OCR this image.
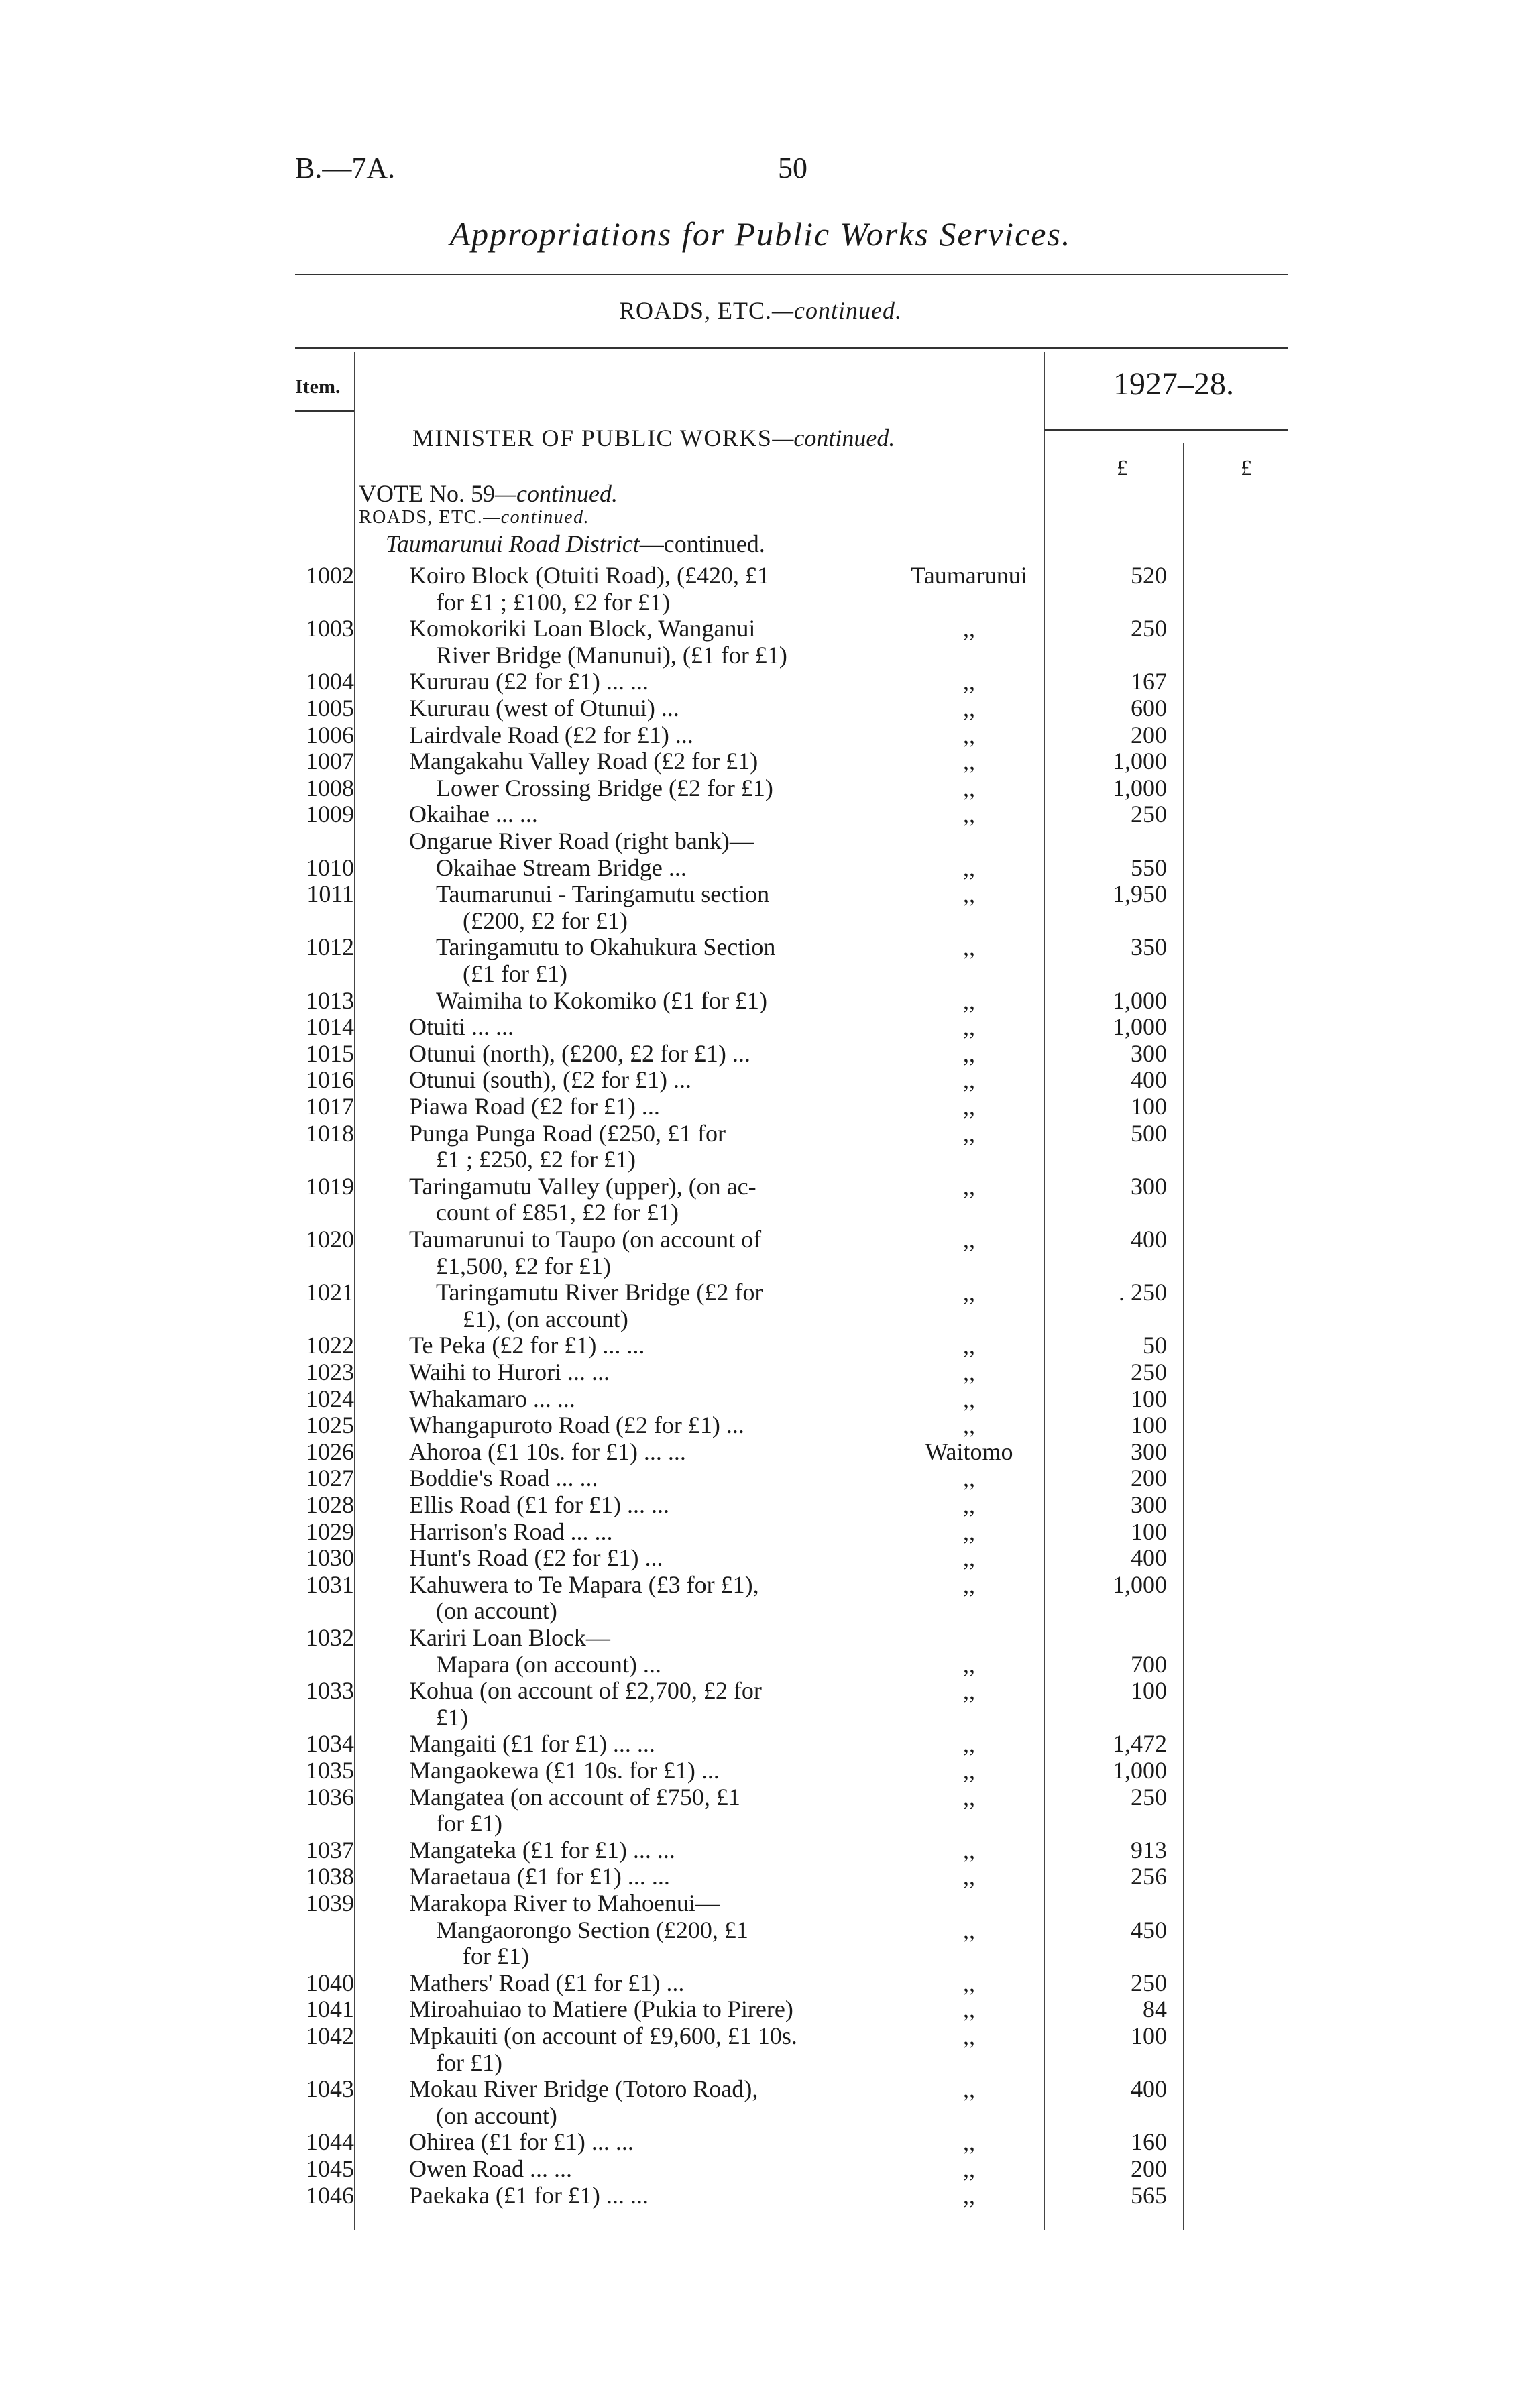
B.—7A.	50
Appropriations for Public Works Services.
ROADS, ETC.—continued.
Item.	1927–28.
MINISTER OF PUBLIC WORKS—continued.
£	£
VOTE No. 59—continued.
ROADS, ETC.—continued.
Taumarunui Road District—continued.
1002 Koiro Block (Otuiti Road), (£420, £1
for £1 ; £100, £2 for £1)
Taumarunui	520
1003 Komokoriki Loan Block, Wanganui
River Bridge (Manunui), (£1 for £1)
,,	250
1004 Kururau (£2 for £1) ... ...	,,	167
1005 Kururau (west of Otunui) ...	,,	600
1006 Lairdvale Road (£2 for £1) ...	,,	200
1007 Mangakahu Valley Road (£2 for £1)	,,	1,000
1008	Lower Crossing Bridge (£2 for £1)	,,	1,000
1009 Okaihae ... ...	,,	250
Ongarue River Road (right bank)—
1010	Okaihae Stream Bridge ...	,,	550
1011	Taumarunui - Taringamutu section
(£200, £2 for £1)
,,	1,950
1012	Taringamutu to Okahukura Section
(£1 for £1)
,,	350
1013	Waimiha to Kokomiko (£1 for £1)	,,	1,000
1014 Otuiti ... ...	,,	1,000
1015 Otunui (north), (£200, £2 for £1) ...	,,	300
1016 Otunui (south), (£2 for £1) ...	,,	400
1017 Piawa Road (£2 for £1) ...	,,	100
1018 Punga Punga Road (£250, £1 for
£1 ; £250, £2 for £1)
,,	500
1019 Taringamutu Valley (upper), (on ac-
count of £851, £2 for £1)
,,	300
1020 Taumarunui to Taupo (on account of
£1,500, £2 for £1)
,,	400
1021	Taringamutu River Bridge (£2 for
£1), (on account)
,,	. 250
1022 Te Peka (£2 for £1) ... ...	,,	50
1023 Waihi to Hurori ... ...	,,	250
1024 Whakamaro ... ...	,,	100
1025 Whangapuroto Road (£2 for £1) ...	,,	100
1026 Ahoroa (£1 10s. for £1) ... ...	Waitomo	300
1027 Boddie's Road ... ...	,,	200
1028 Ellis Road (£1 for £1) ... ...	,,	300
1029 Harrison's Road ... ...	,,	100
1030 Hunt's Road (£2 for £1) ...	,,	400
1031 Kahuwera to Te Mapara (£3 for £1),
(on account)
,,	1,000
1032 Kariri Loan Block—
Mapara (on account) ...	,,	700
1033 Kohua (on account of £2,700, £2 for
£1)
,,	100
1034 Mangaiti (£1 for £1) ... ...	,,	1,472
1035 Mangaokewa (£1 10s. for £1) ...	,,	1,000
1036 Mangatea (on account of £750, £1
for £1)
,,	250
1037 Mangateka (£1 for £1) ... ...	,,	913
1038 Maraetaua (£1 for £1) ... ...	,,	256
1039 Marakopa River to Mahoenui—
Mangaorongo Section (£200, £1
for £1)
,,	450
1040 Mathers' Road (£1 for £1) ...	,,	250
1041 Miroahuiao to Matiere (Pukia to Pirere)	,,	84
1042 Mpkauiti (on account of £9,600, £1 10s.
for £1)
,,	100
1043 Mokau River Bridge (Totoro Road),
(on account)
,,	400
1044 Ohirea (£1 for £1) ... ...	,,	160
1045 Owen Road ... ...	,,	200
1046 Paekaka (£1 for £1) ... ...	,,	565
